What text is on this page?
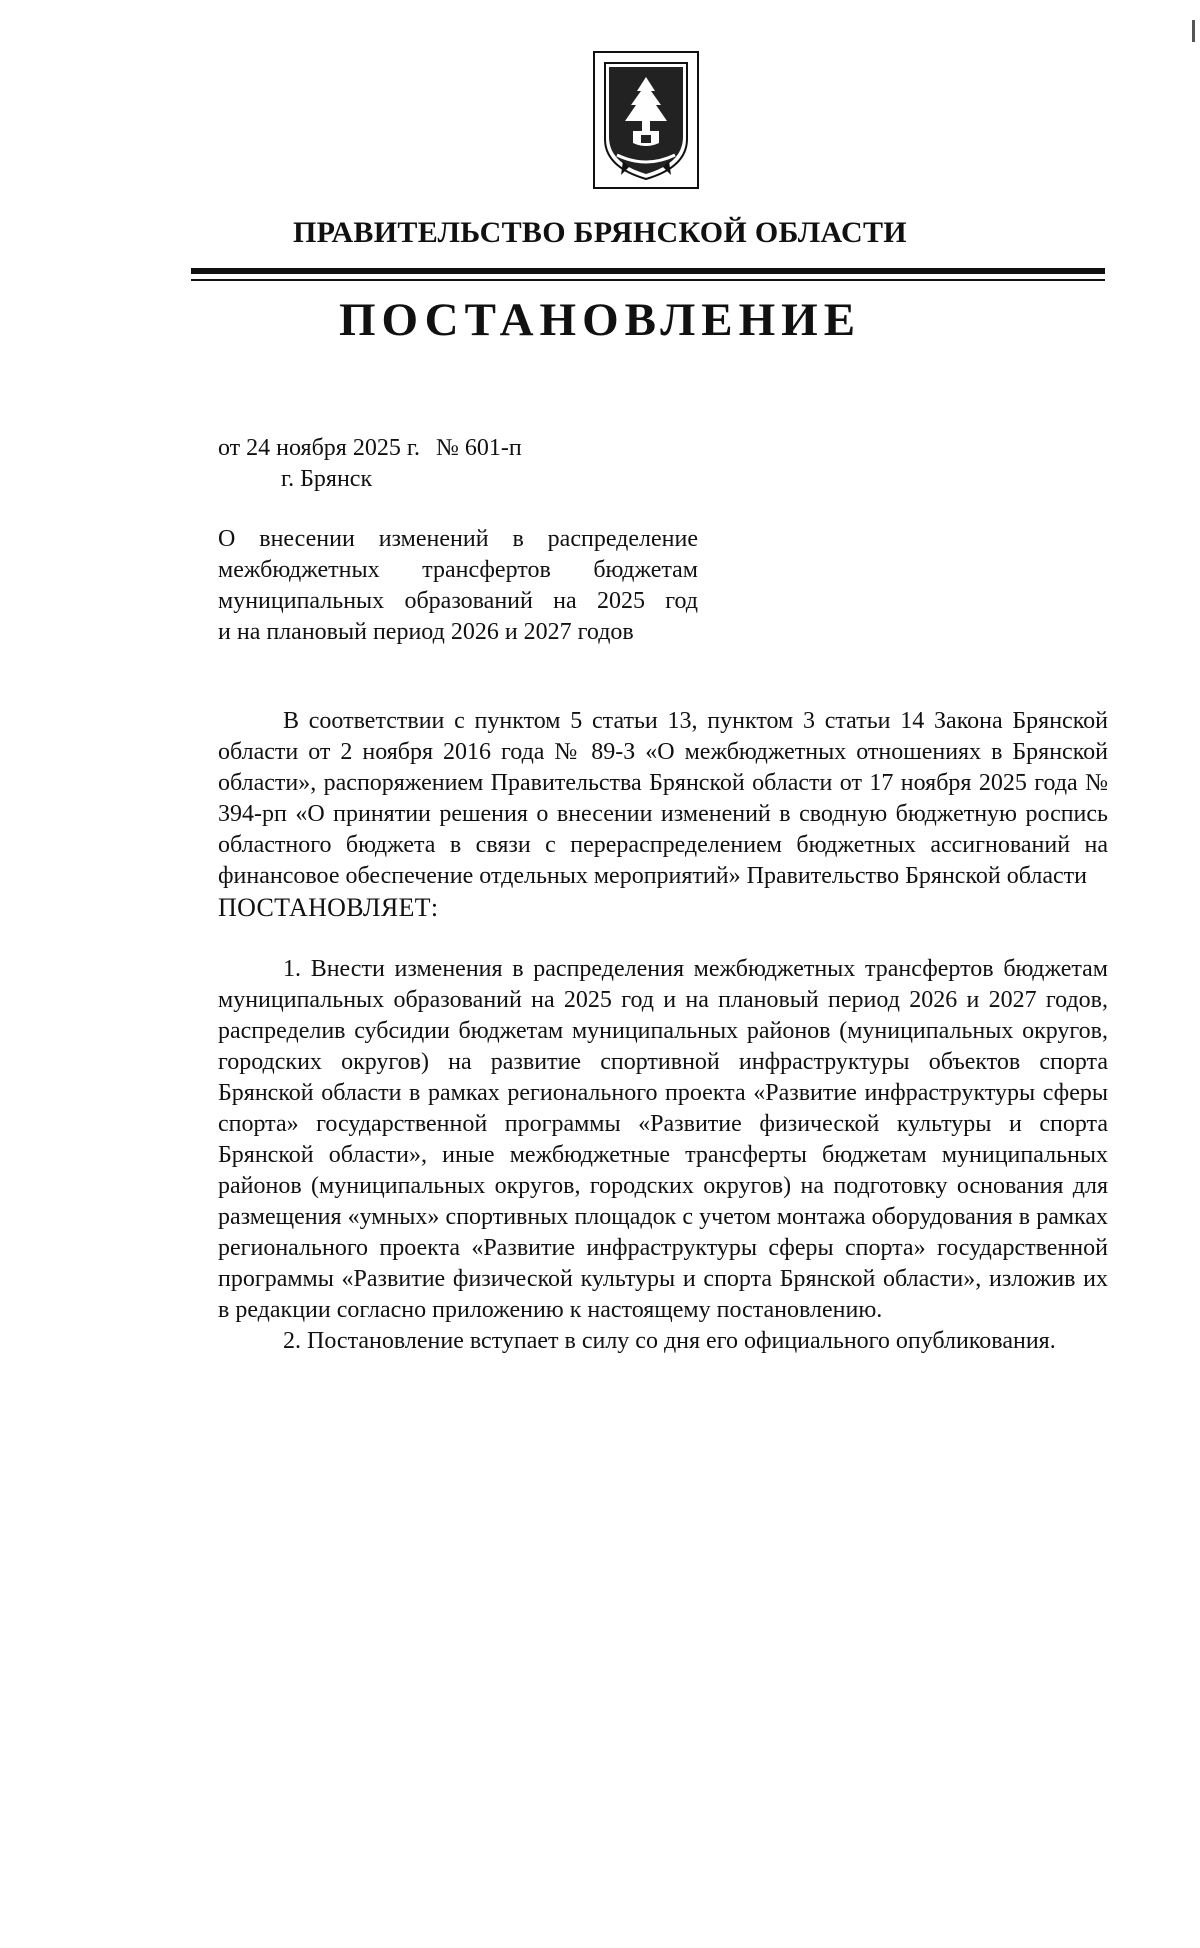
ПРАВИТЕЛЬСТВО БРЯНСКОЙ ОБЛАСТИ
ПОСТАНОВЛЕНИЕ
от 24 ноября 2025 г. № 601-п
г. Брянск
О внесении изменений в распределение
межбюджетных трансфертов бюджетам
муниципальных образований на 2025 год
и на плановый период 2026 и 2027 годов

В соответствии с пунктом 5 статьи 13, пунктом 3 статьи 14 Закона Брянской области от 2 ноября 2016 года № 89-З «О межбюджетных отношениях в Брянской области», распоряжением Правительства Брянской области от 17 ноября 2025 года № 394-рп «О принятии решения о внесении изменений в сводную бюджетную роспись областного бюджета в связи с перераспределением бюджетных ассигнований на финансовое обеспечение отдельных мероприятий» Правительство Брянской области

ПОСТАНОВЛЯЕТ:

1. Внести изменения в распределения межбюджетных трансфертов бюджетам муниципальных образований на 2025 год и на плановый период 2026 и 2027 годов, распределив субсидии бюджетам муниципальных районов (муниципальных округов, городских округов) на развитие спортивной инфраструктуры объектов спорта Брянской области в рамках регионального проекта «Развитие инфраструктуры сферы спорта» государственной программы «Развитие физической культуры и спорта Брянской области», иные межбюджетные трансферты бюджетам муниципальных районов (муниципальных округов, городских округов) на подготовку основания для размещения «умных» спортивных площадок с учетом монтажа оборудования в рамках регионального проекта «Развитие инфраструктуры сферы спорта» государственной программы «Развитие физической культуры и спорта Брянской области», изложив их в редакции согласно приложению к настоящему постановлению.

2. Постановление вступает в силу со дня его официального опубликования.
